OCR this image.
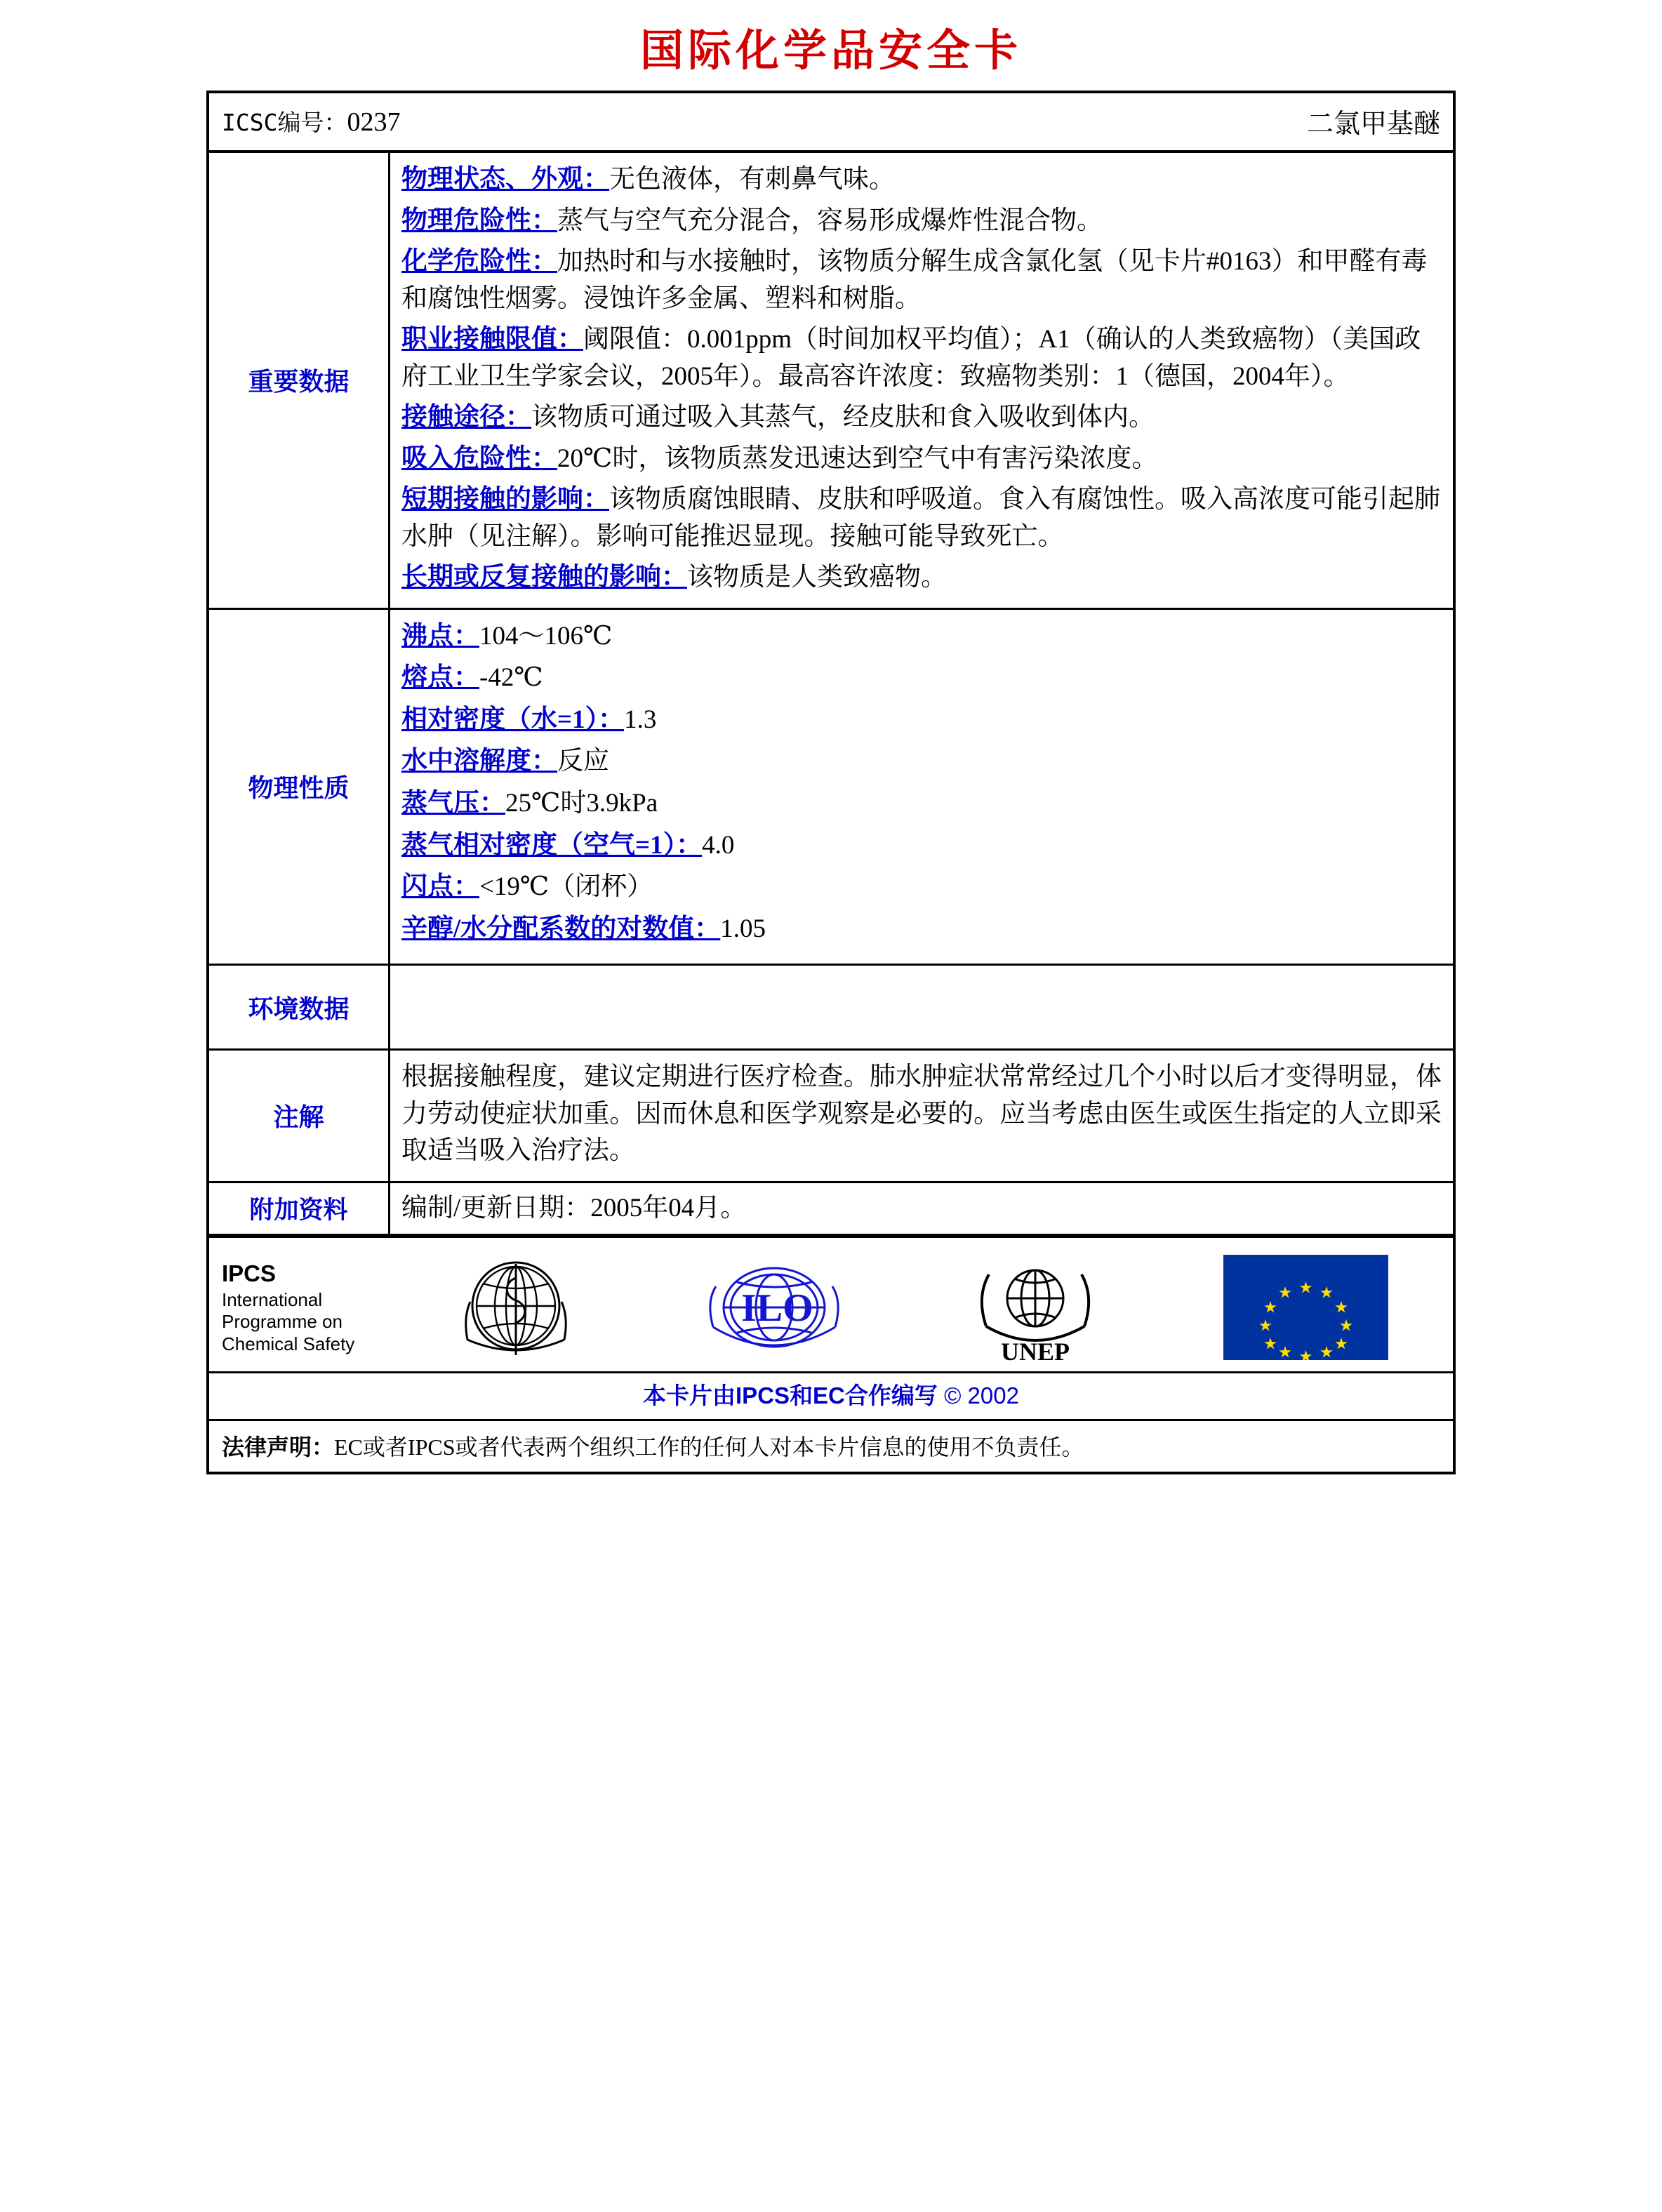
国际化学品安全卡
ICSC编号：0237	二氯甲基醚
重要数据

物理状态、外观：无色液体，有刺鼻气味。

物理危险性：蒸气与空气充分混合，容易形成爆炸性混合物。

化学危险性：加热时和与水接触时，该物质分解生成含氯化氢（见卡片#0163）和甲醛有毒和腐蚀性烟雾。浸蚀许多金属、塑料和树脂。

职业接触限值：阈限值：0.001ppm（时间加权平均值）；A1（确认的人类致癌物）（美国政府工业卫生学家会议，2005年）。最高容许浓度：致癌物类别：1（德国，2004年）。

接触途径：该物质可通过吸入其蒸气，经皮肤和食入吸收到体内。

吸入危险性：20℃时，该物质蒸发迅速达到空气中有害污染浓度。

短期接触的影响：该物质腐蚀眼睛、皮肤和呼吸道。食入有腐蚀性。吸入高浓度可能引起肺水肿（见注解）。影响可能推迟显现。接触可能导致死亡。

长期或反复接触的影响：该物质是人类致癌物。

物理性质

沸点：104～106℃

熔点：-42℃

相对密度（水=1）：1.3

水中溶解度：反应

蒸气压：25℃时3.9kPa

蒸气相对密度（空气=1）：4.0

闪点：<19℃（闭杯）

辛醇/水分配系数的对数值：1.05

环境数据
注解

根据接触程度，建议定期进行医疗检查。肺水肿症状常常经过几个小时以后才变得明显，体力劳动使症状加重。因而休息和医学观察是必要的。应当考虑由医生或医生指定的人立即采取适当吸入治疗法。

附加资料	编制/更新日期：2005年04月。

IPCS
International
Programme on
Chemical Safety
ILO
UNEP
本卡片由IPCS和EC合作编写 © 2002
法律声明：EC或者IPCS或者代表两个组织工作的任何人对本卡片信息的使用不负责任。
